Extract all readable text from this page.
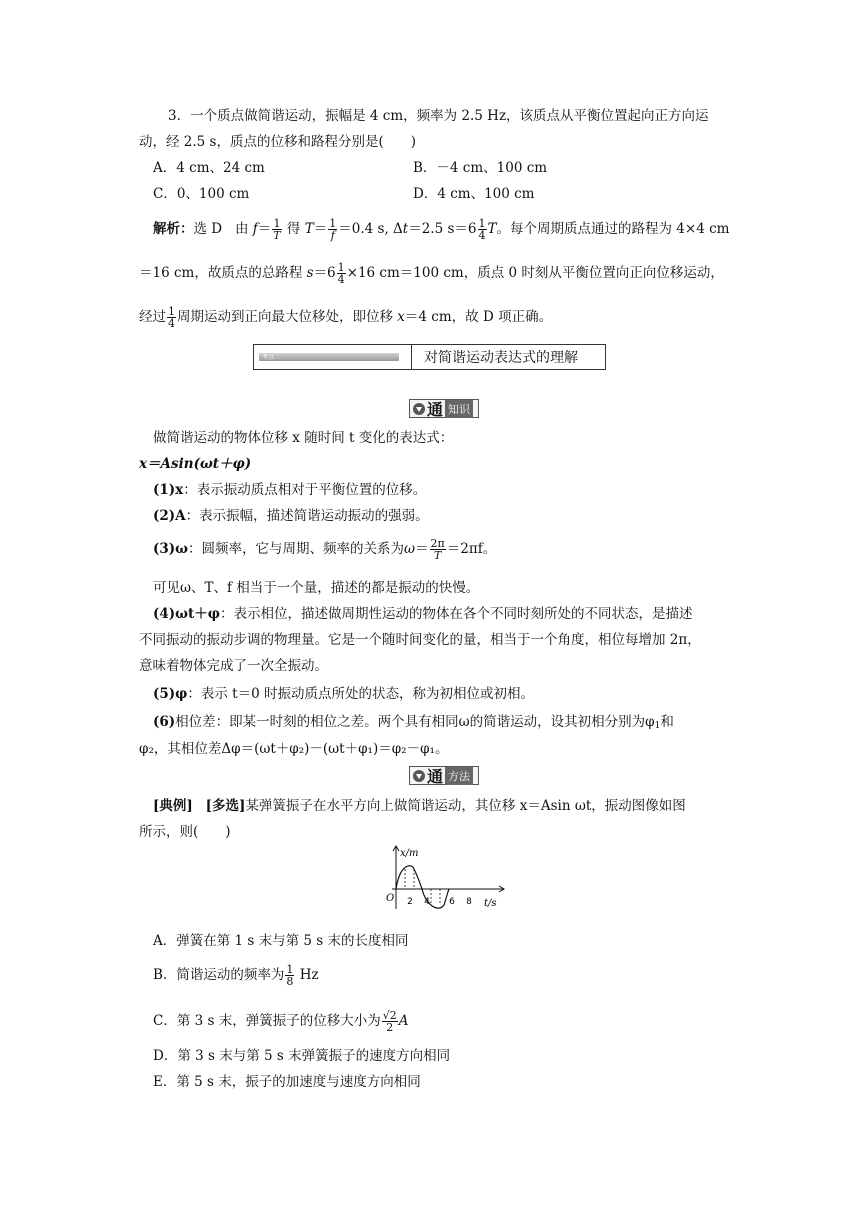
3．一个质点做简谐运动，振幅是 4 cm，频率为 2.5 Hz，该质点从平衡位置起向正方向运
动，经 2.5 s，质点的位移和路程分别是(　　)
A．4 cm、24 cm	B．－4 cm、100 cm
C．0、100 cm	D．4 cm、100 cm
解析：选 D 由 $f= \frac{1}{T}$ 得 $T= \frac{1}{f} =0.4$ s, Δt＝2.5 $s=6 \frac{1}{4}$ T。每个周期质点通过的路程为 4×4 cm
＝16 cm，故质点的总路程 $s=6 \frac{1}{4} \times 16$ cm＝100 cm，质点 0 时刻从平衡位置向正向位移运动，
经过 $\frac{1}{4}$ 周期运动到正向最大位移处，即位移 x＝4 cm，故 D 项正确。
考点二	对简谐运动表达式的理解
通 知识
做简谐运动的物体位移 x 随时间 t 变化的表达式：
x＝Asin(ωt＋φ)
(1)x：表示振动质点相对于平衡位置的位移。
(2)A：表示振幅，描述简谐运动振动的强弱。
(3)ω：圆频率，它与周期、频率的关系为$\omega= \frac{2\pi}{T} =2\pi f$。
可见ω、T、f 相当于一个量，描述的都是振动的快慢。
(4)ωt＋φ：表示相位，描述做周期性运动的物体在各个不同时刻所处的不同状态，是描述
不同振动的振动步调的物理量。它是一个随时间变化的量，相当于一个角度，相位每增加 2π，
意味着物体完成了一次全振动。
(5)φ：表示 t＝0 时振动质点所处的状态，称为初相位或初相。
(6)相位差：即某一时刻的相位之差。两个具有相同ω的简谐运动，设其初相分别为$\varphi_1$和
φ₂，其相位差Δφ＝(ωt＋φ₂)－(ωt＋φ₁)＝φ₂－φ₁。
通 方法
[典例] [多选]某弹簧振子在水平方向上做简谐运动，其位移 x＝Asin ωt，振动图像如图
所示，则(　　)
x/m
O 2 4 6 8 t/s
A．弹簧在第 1 s 末与第 5 s 末的长度相同
B．简谐运动的频率为 $\frac{1}{8}$ Hz
C．第 3 s 末，弹簧振子的位移大小为 $\frac{√2}{2}$ A
D．第 3 s 末与第 5 s 末弹簧振子的速度方向相同
E．第 5 s 末，振子的加速度与速度方向相同
